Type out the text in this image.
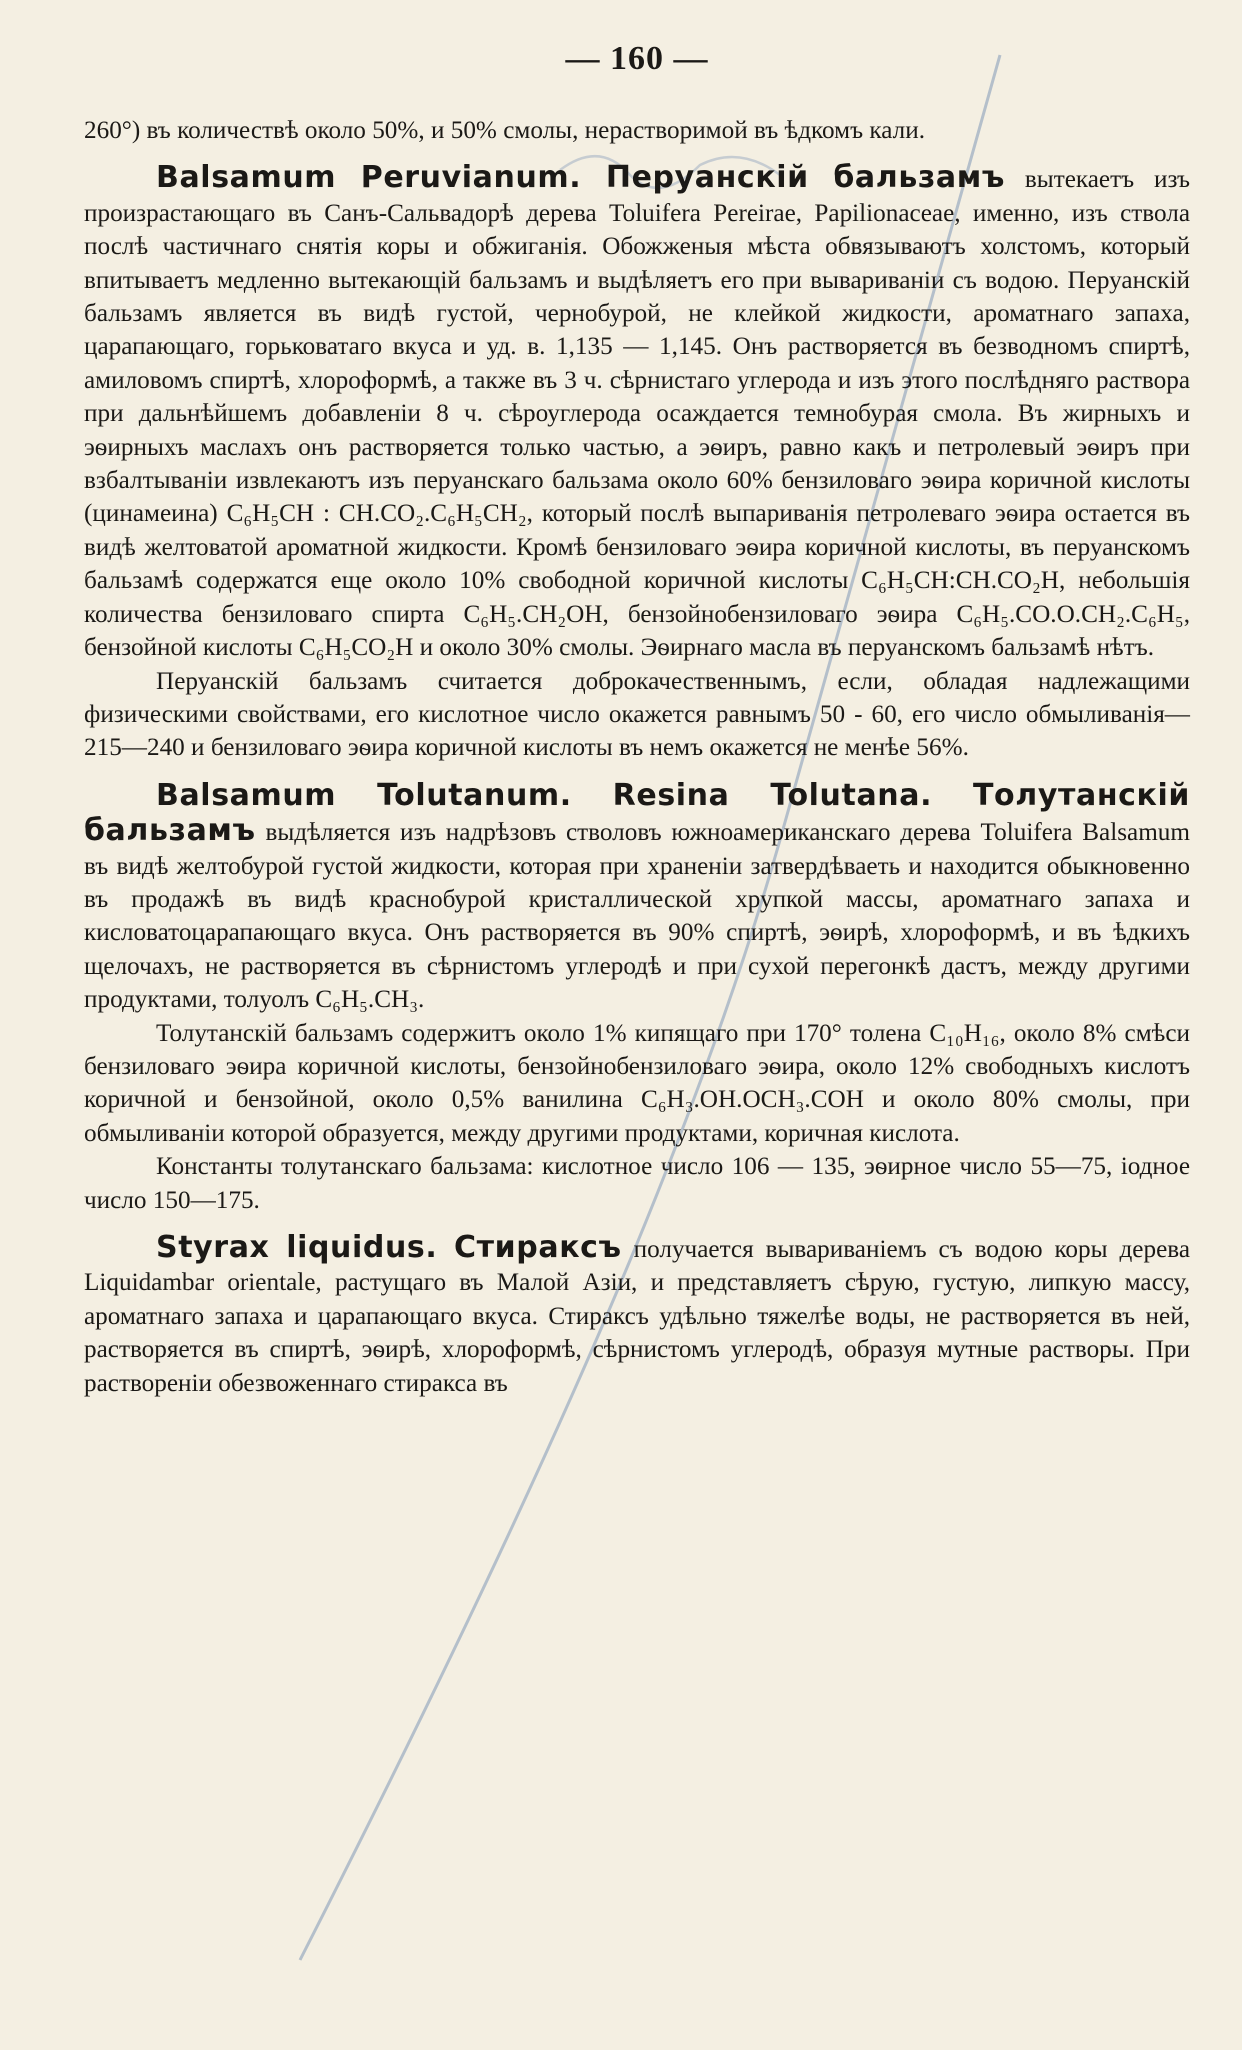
— 160 —

260°) въ количествѣ около 50%, и 50% смолы, нерастворимой въ ѣдкомъ кали.

Balsamum Peruvianum. Перуанскій бальзамъ вытекаетъ изъ произрастающаго въ Санъ-Сальвадорѣ дерева Toluifera Pereirae, Papilionaceae, именно, изъ ствола послѣ частичнаго снятія коры и обжиганія. Обожженыя мѣста обвязываютъ холстомъ, который впитываетъ медленно вытекающій бальзамъ и выдѣляетъ его при вывариваніи съ водою. Перуанскій бальзамъ является въ видѣ густой, чернобурой, не клейкой жидкости, ароматнаго запаха, царапающаго, горьковатаго вкуса и уд. в. 1,135 — 1,145. Онъ растворяется въ безводномъ спиртѣ, амиловомъ спиртѣ, хлороформѣ, а также въ 3 ч. сѣрнистаго углерода и изъ этого послѣдняго раствора при дальнѣйшемъ добавленіи 8 ч. сѣроуглерода осаждается темнобурая смола. Въ жирныхъ и эѳирныхъ маслахъ онъ растворяется только частью, а эѳиръ, равно какъ и петролевый эѳиръ при взбалтываніи извлекаютъ изъ перуанскаго бальзама около 60% бензиловаго эѳира коричной кислоты (цинамеина) C₆H₅CH : CH.CO₂.C₆H₅CH₂, который послѣ выпариванія петролеваго эѳира остается въ видѣ желтоватой ароматной жидкости. Кромѣ бензиловаго эѳира коричной кислоты, въ перуанскомъ бальзамѣ содержатся еще около 10% свободной коричной кислоты C₆H₅CH:CH.CO₂H, небольшія количества бензиловаго спирта C₆H₅.CH₂OH, бензойнобензиловаго эѳира C₆H₅.CO.O.CH₂.C₆H₅, бензойной кислоты C₆H₅CO₂H и около 30% смолы. Эѳирнаго масла въ перуанскомъ бальзамѣ нѣтъ.

Перуанскій бальзамъ считается доброкачественнымъ, если, обладая надлежащими физическими свойствами, его кислотное число окажется равнымъ 50 - 60, его число обмыливанія—215—240 и бензиловаго эѳира коричной кислоты въ немъ окажется не менѣе 56%.

Balsamum Tolutanum. Resina Tolutana. Толутанскій бальзамъ выдѣляется изъ надрѣзовъ стволовъ южноамериканскаго дерева Toluifera Balsamum въ видѣ желтобурой густой жидкости, которая при храненіи затвердѣваеть и находится обыкновенно въ продажѣ въ видѣ краснобурой кристаллической хрупкой массы, ароматнаго запаха и кисловатоцарапающаго вкуса. Онъ растворяется въ 90% спиртѣ, эѳирѣ, хлороформѣ, и въ ѣдкихъ щелочахъ, не растворяется въ сѣрнистомъ углеродѣ и при сухой перегонкѣ дастъ, между другими продуктами, толуолъ C₆H₅.CH₃.

Толутанскій бальзамъ содержитъ около 1% кипящаго при 170° толена C₁₀H₁₆, около 8% смѣси бензиловаго эѳира коричной кислоты, бензойнобензиловаго эѳира, около 12% свободныхъ кислотъ коричной и бензойной, около 0,5% ванилина C₆H₃.OH.OCH₃.COH и около 80% смолы, при обмыливаніи которой образуется, между другими продуктами, коричная кислота.

Константы толутанскаго бальзама: кислотное число 106 — 135, эѳирное число 55—75, іодное число 150—175.

Styrax liquidus. Стираксъ получается вывариваніемъ съ водою коры дерева Liquidambar orientale, растущаго въ Малой Азіи, и представляетъ сѣрую, густую, липкую массу, ароматнаго запаха и царапающаго вкуса. Стираксъ удѣльно тяжелѣе воды, не растворяется въ ней, растворяется въ спиртѣ, эѳирѣ, хлороформѣ, сѣрнистомъ углеродѣ, образуя мутные растворы. При растворенiи обезвоженнаго стиракса въ
